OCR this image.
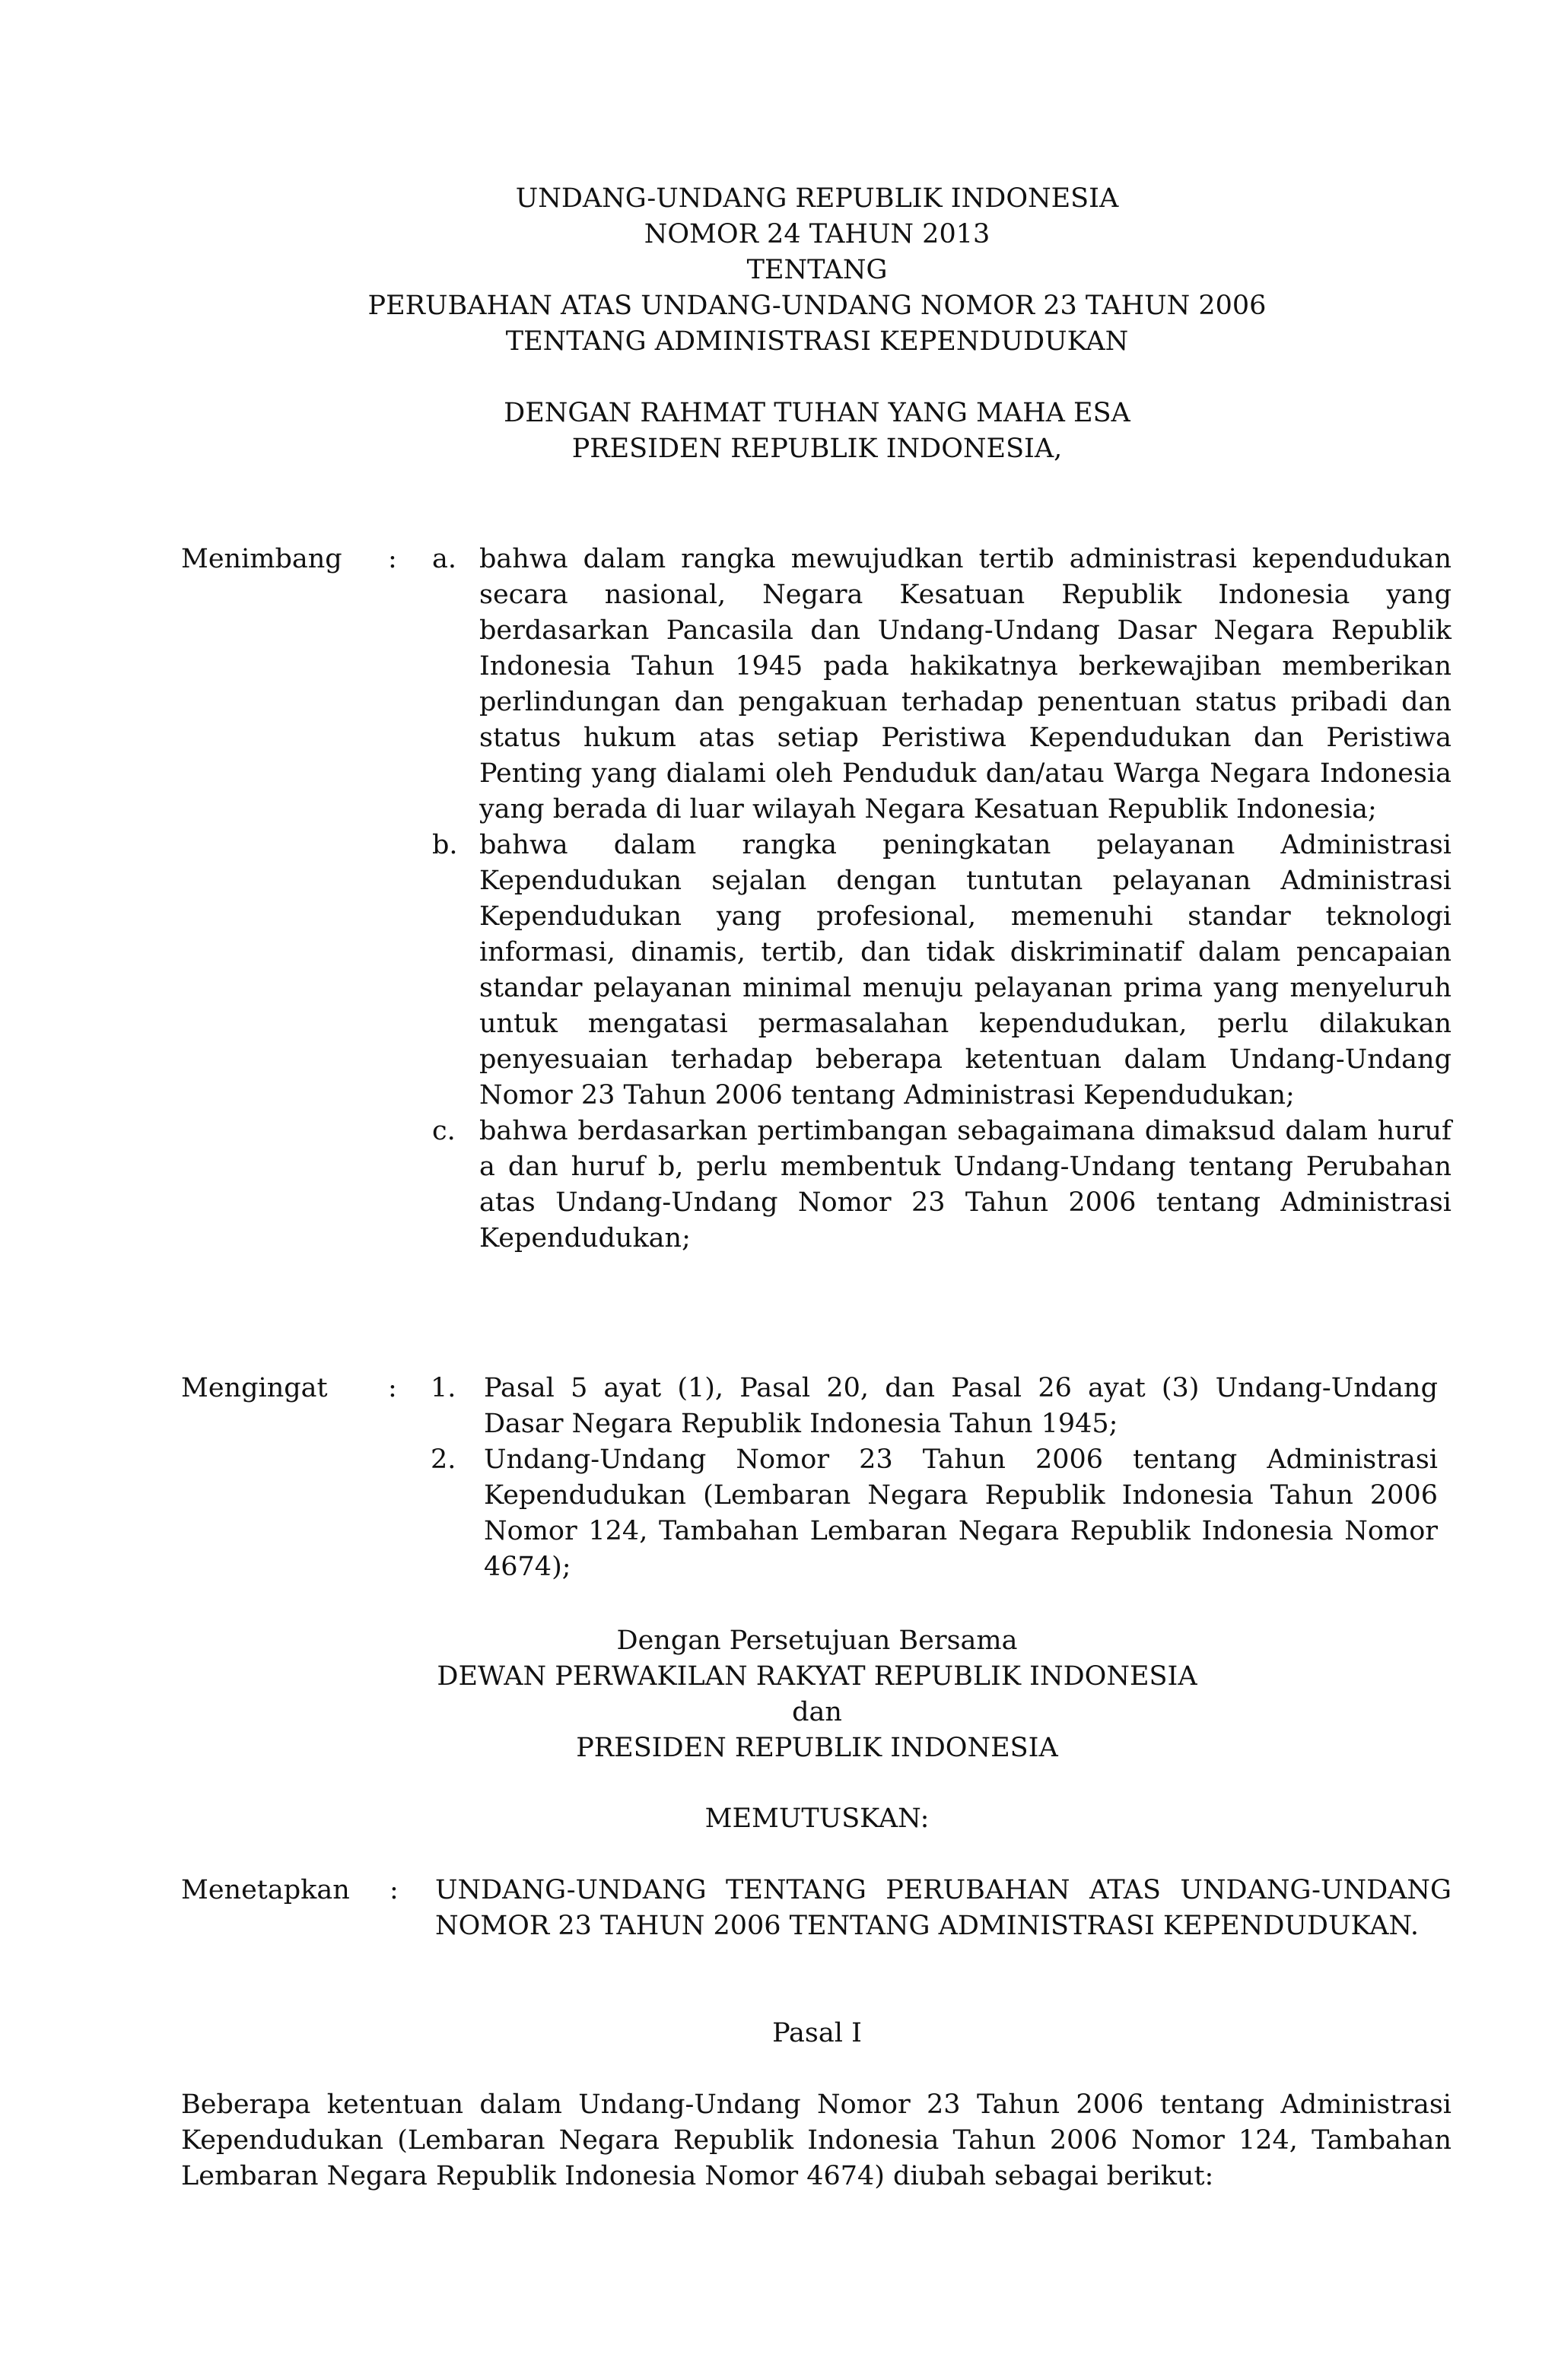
UNDANG-UNDANG REPUBLIK INDONESIA
NOMOR 24 TAHUN 2013
TENTANG
PERUBAHAN ATAS UNDANG-UNDANG NOMOR 23 TAHUN 2006
TENTANG ADMINISTRASI KEPENDUDUKAN
DENGAN RAHMAT TUHAN YANG MAHA ESA
PRESIDEN REPUBLIK INDONESIA,
Menimbang : a. bahwa dalam rangka mewujudkan tertib administrasi kependudukan secara nasional, Negara Kesatuan Republik Indonesia yang berdasarkan Pancasila dan Undang-Undang Dasar Negara Republik Indonesia Tahun 1945 pada hakikatnya berkewajiban memberikan perlindungan dan pengakuan terhadap penentuan status pribadi dan status hukum atas setiap Peristiwa Kependudukan dan Peristiwa Penting yang dialami oleh Penduduk dan/atau Warga Negara Indonesia yang berada di luar wilayah Negara Kesatuan Republik Indonesia;
b. bahwa dalam rangka peningkatan pelayanan Administrasi Kependudukan sejalan dengan tuntutan pelayanan Administrasi Kependudukan yang profesional, memenuhi standar teknologi informasi, dinamis, tertib, dan tidak diskriminatif dalam pencapaian standar pelayanan minimal menuju pelayanan prima yang menyeluruh untuk mengatasi permasalahan kependudukan, perlu dilakukan penyesuaian terhadap beberapa ketentuan dalam Undang-Undang Nomor 23 Tahun 2006 tentang Administrasi Kependudukan;
c. bahwa berdasarkan pertimbangan sebagaimana dimaksud dalam huruf a dan huruf b, perlu membentuk Undang-Undang tentang Perubahan atas Undang-Undang Nomor 23 Tahun 2006 tentang Administrasi Kependudukan;
Mengingat : 1. Pasal 5 ayat (1), Pasal 20, dan Pasal 26 ayat (3) Undang-Undang Dasar Negara Republik Indonesia Tahun 1945;
2. Undang-Undang Nomor 23 Tahun 2006 tentang Administrasi Kependudukan (Lembaran Negara Republik Indonesia Tahun 2006 Nomor 124, Tambahan Lembaran Negara Republik Indonesia Nomor 4674);
Dengan Persetujuan Bersama
DEWAN PERWAKILAN RAKYAT REPUBLIK INDONESIA
dan
PRESIDEN REPUBLIK INDONESIA
MEMUTUSKAN:
Menetapkan : UNDANG-UNDANG TENTANG PERUBAHAN ATAS UNDANG-UNDANG NOMOR 23 TAHUN 2006 TENTANG ADMINISTRASI KEPENDUDUKAN.
Pasal I
Beberapa ketentuan dalam Undang-Undang Nomor 23 Tahun 2006 tentang Administrasi Kependudukan (Lembaran Negara Republik Indonesia Tahun 2006 Nomor 124, Tambahan Lembaran Negara Republik Indonesia Nomor 4674) diubah sebagai berikut:
